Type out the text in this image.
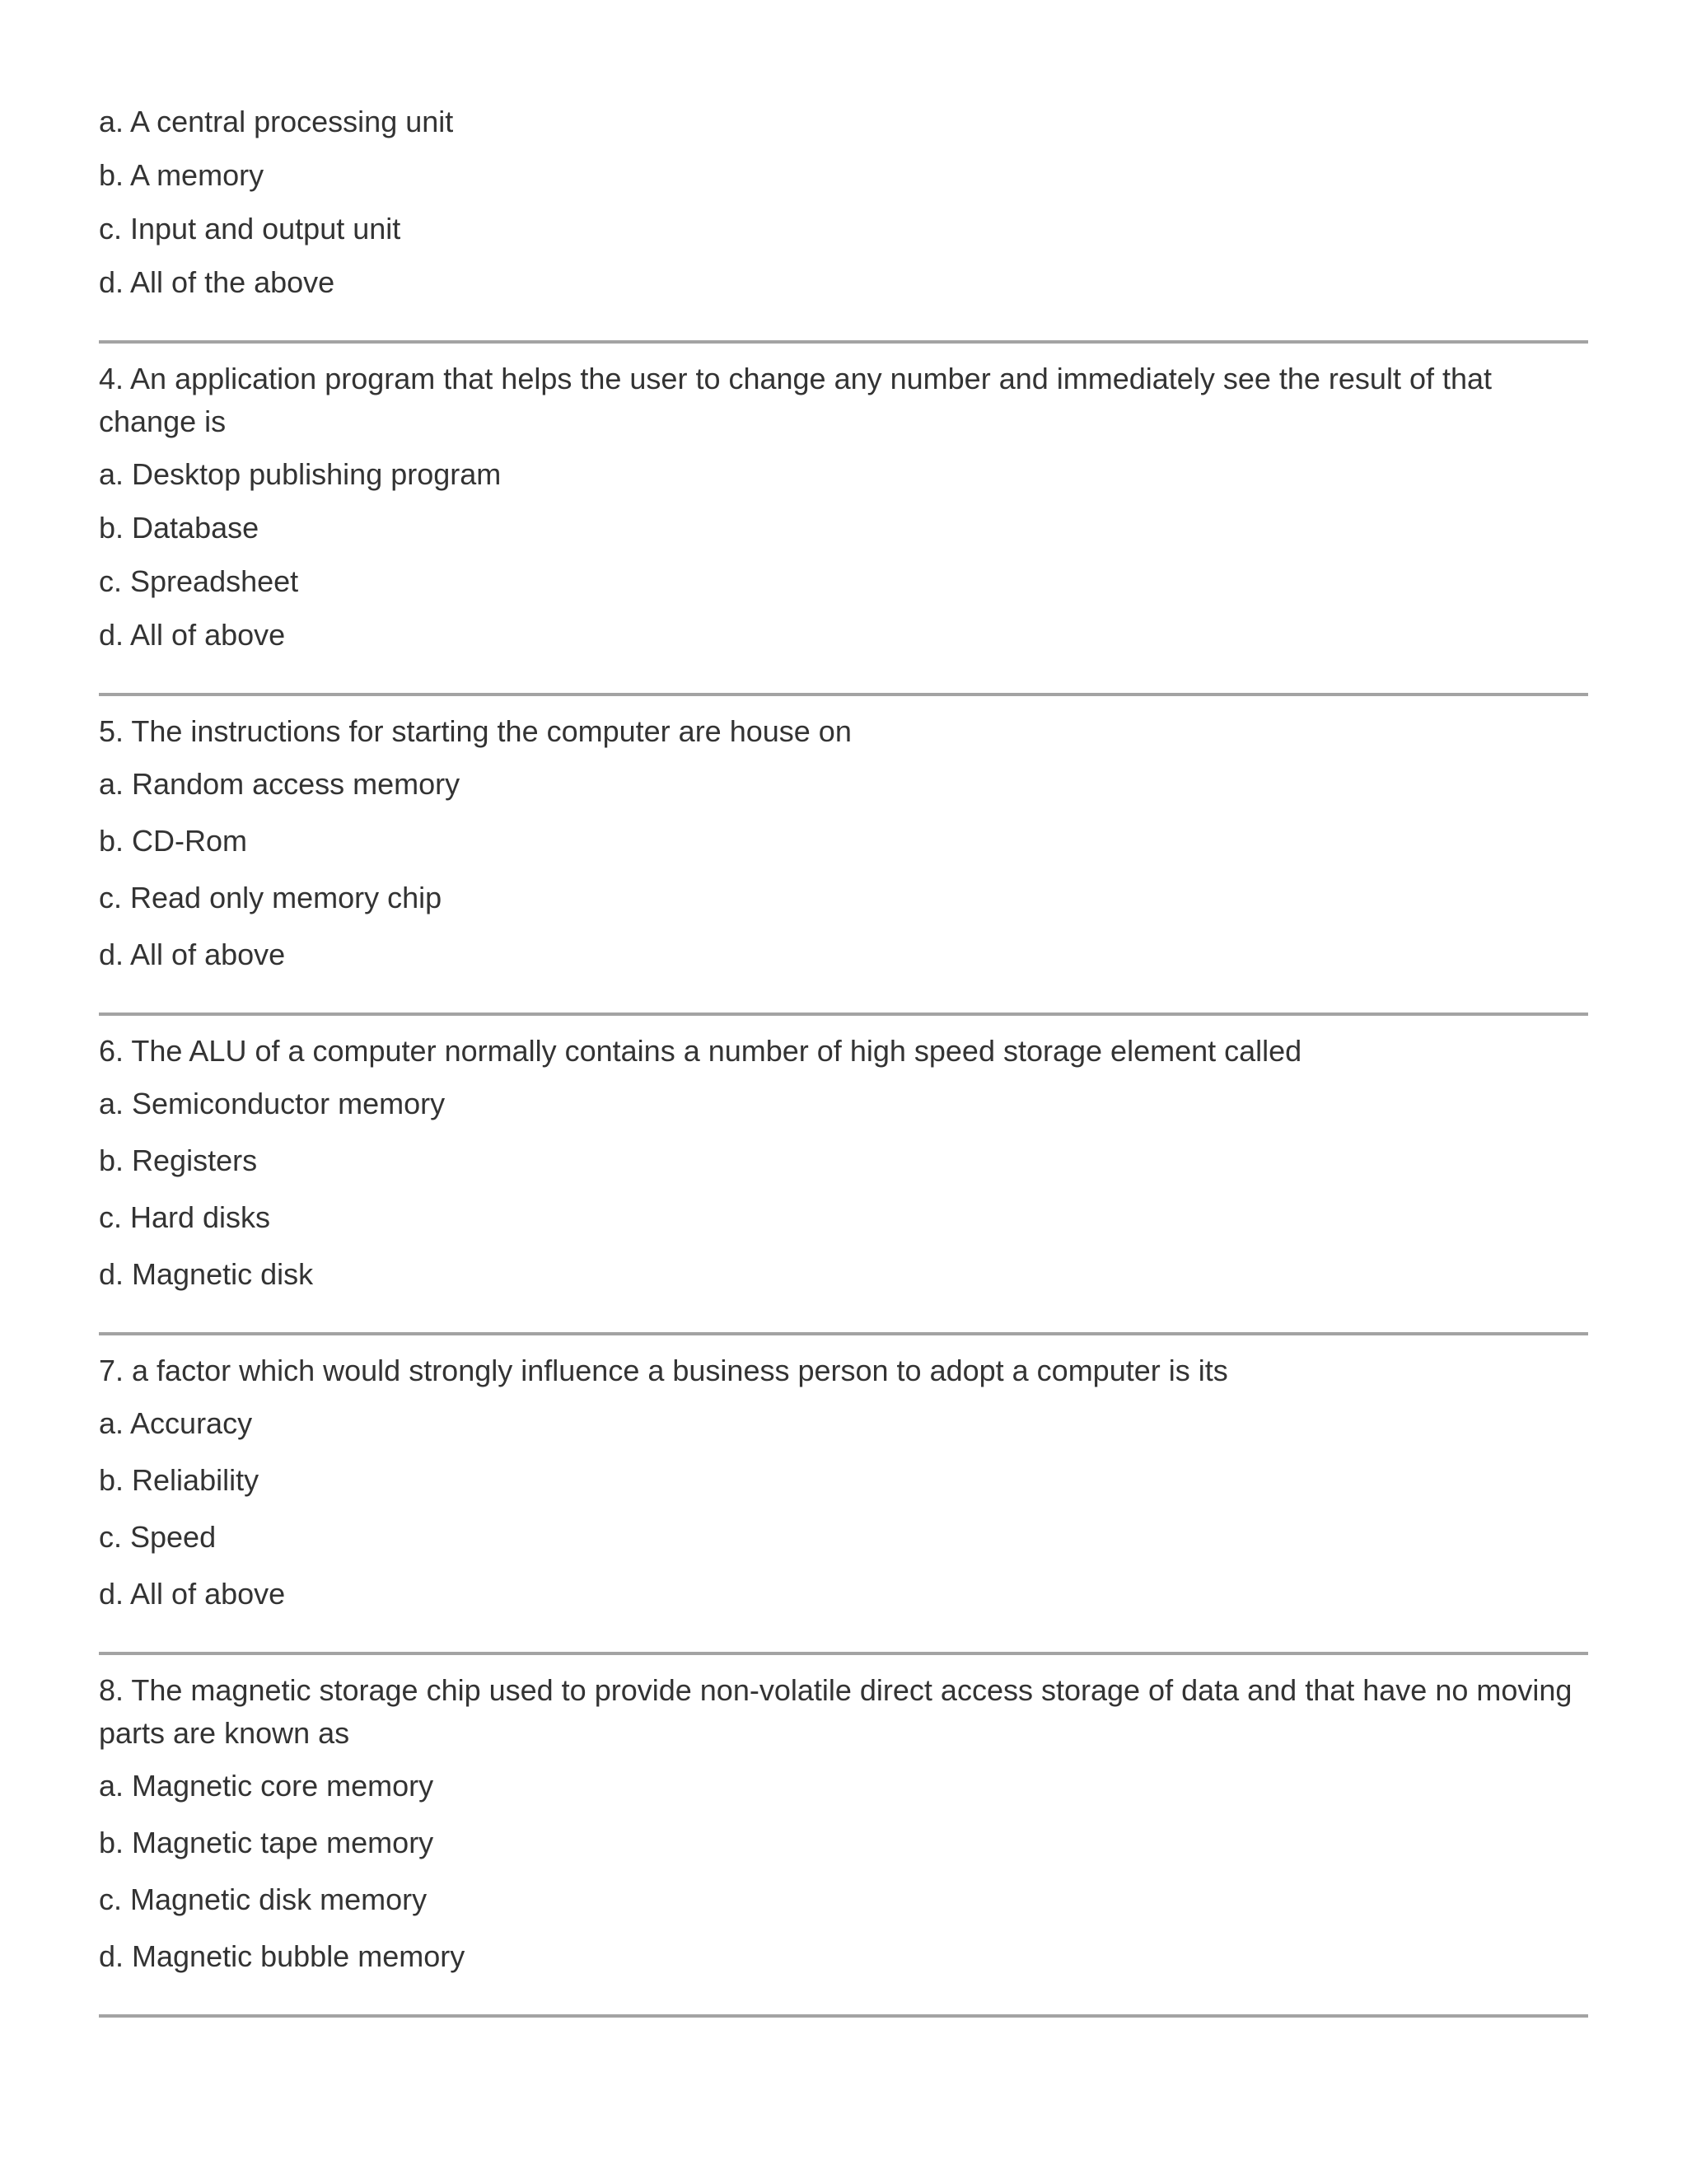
a. A central processing unit

b. A memory

c. Input and output unit

d. All of the above

4. An application program that helps the user to change any number and immediately see the result of that change is

a. Desktop publishing program

b. Database

c. Spreadsheet

d. All of above

5. The instructions for starting the computer are house on

a. Random access memory

b. CD-Rom

c. Read only memory chip

d. All of above

6. The ALU of a computer normally contains a number of high speed storage element called

a. Semiconductor memory

b. Registers

c. Hard disks

d. Magnetic disk

7. a factor which would strongly influence a business person to adopt a computer is its

a. Accuracy

b. Reliability

c. Speed

d. All of above

8. The magnetic storage chip used to provide non-volatile direct access storage of data and that have no moving parts are known as

a. Magnetic core memory

b. Magnetic tape memory

c. Magnetic disk memory

d. Magnetic bubble memory
